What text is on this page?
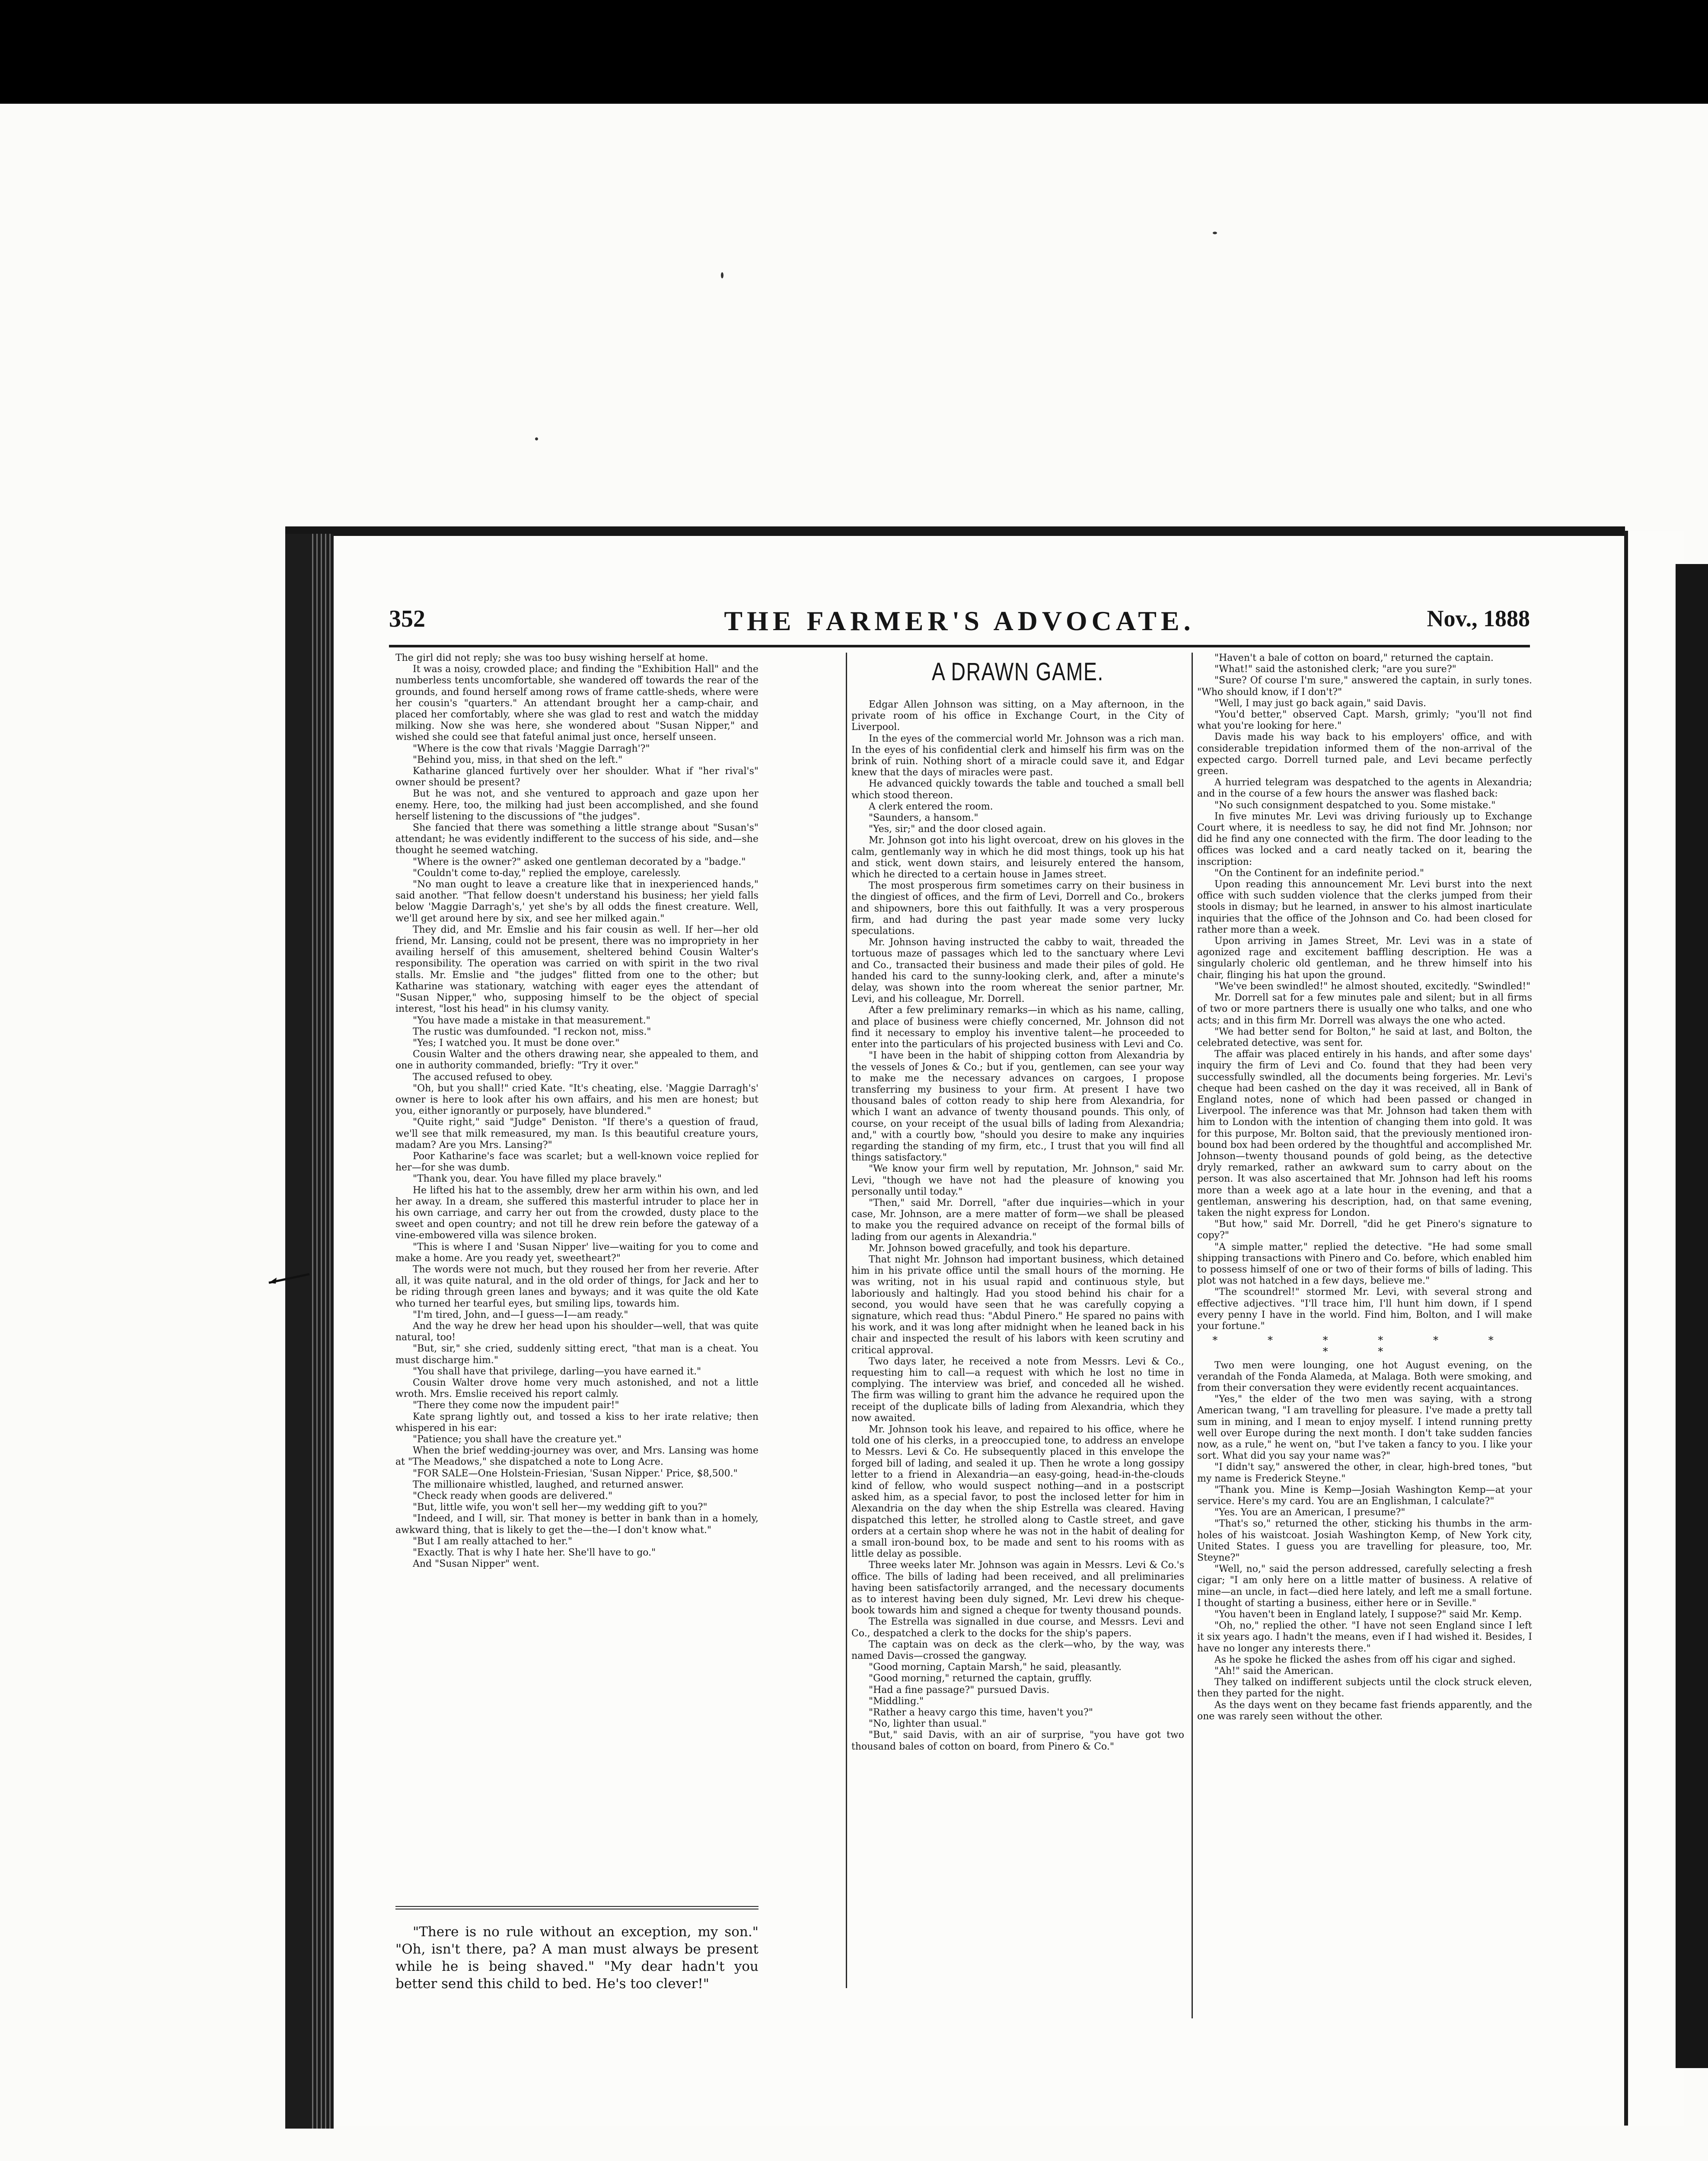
352	THE FARMER'S ADVOCATE.	Nov., 1888

The girl did not reply; she was too busy wishing herself at home.

It was a noisy, crowded place; and finding the "Exhibition Hall" and the numberless tents uncomfortable, she wandered off towards the rear of the grounds, and found herself among rows of frame cattle-sheds, where were her cousin's "quarters." An attendant brought her a camp-chair, and placed her comfortably, where she was glad to rest and watch the midday milking. Now she was here, she wondered about "Susan Nipper," and wished she could see that fateful animal just once, herself unseen.

"Where is the cow that rivals 'Maggie Darragh'?"

"Behind you, miss, in that shed on the left."

Katharine glanced furtively over her shoulder. What if "her rival's" owner should be present?

But he was not, and she ventured to approach and gaze upon her enemy. Here, too, the milking had just been accomplished, and she found herself listening to the discussions of "the judges".

She fancied that there was something a little strange about "Susan's" attendant; he was evidently indifferent to the success of his side, and—she thought he seemed watching.

"Where is the owner?" asked one gentleman decorated by a "badge."

"Couldn't come to-day," replied the employe, carelessly.

"No man ought to leave a creature like that in inexperienced hands," said another. "That fellow doesn't understand his business; her yield falls below 'Maggie Darragh's,' yet she's by all odds the finest creature. Well, we'll get around here by six, and see her milked again."

They did, and Mr. Emslie and his fair cousin as well. If her—her old friend, Mr. Lansing, could not be present, there was no impropriety in her availing herself of this amusement, sheltered behind Cousin Walter's responsibility. The operation was carried on with spirit in the two rival stalls. Mr. Emslie and "the judges" flitted from one to the other; but Katharine was stationary, watching with eager eyes the attendant of "Susan Nipper," who, supposing himself to be the object of special interest, "lost his head" in his clumsy vanity.

"You have made a mistake in that measurement."

The rustic was dumfounded. "I reckon not, miss."

"Yes; I watched you. It must be done over."

Cousin Walter and the others drawing near, she appealed to them, and one in authority commanded, briefly: "Try it over."

The accused refused to obey.

"Oh, but you shall!" cried Kate. "It's cheating, else. 'Maggie Darragh's' owner is here to look after his own affairs, and his men are honest; but you, either ignorantly or purposely, have blundered."

"Quite right," said "Judge" Deniston. "If there's a question of fraud, we'll see that milk remeasured, my man. Is this beautiful creature yours, madam? Are you Mrs. Lansing?"

Poor Katharine's face was scarlet; but a well-known voice replied for her—for she was dumb.

"Thank you, dear. You have filled my place bravely."

He lifted his hat to the assembly, drew her arm within his own, and led her away. In a dream, she suffered this masterful intruder to place her in his own carriage, and carry her out from the crowded, dusty place to the sweet and open country; and not till he drew rein before the gateway of a vine-embowered villa was silence broken.

"This is where I and 'Susan Nipper' live—waiting for you to come and make a home. Are you ready yet, sweetheart?"

The words were not much, but they roused her from her reverie. After all, it was quite natural, and in the old order of things, for Jack and her to be riding through green lanes and byways; and it was quite the old Kate who turned her tearful eyes, but smiling lips, towards him.

"I'm tired, John, and—I guess—I—am ready."

And the way he drew her head upon his shoulder—well, that was quite natural, too!

"But, sir," she cried, suddenly sitting erect, "that man is a cheat. You must discharge him."

"You shall have that privilege, darling—you have earned it."

Cousin Walter drove home very much astonished, and not a little wroth. Mrs. Emslie received his report calmly.

"There they come now the impudent pair!"

Kate sprang lightly out, and tossed a kiss to her irate relative; then whispered in his ear:

"Patience; you shall have the creature yet."

When the brief wedding-journey was over, and Mrs. Lansing was home at "The Meadows," she dispatched a note to Long Acre.

"FOR SALE—One Holstein-Friesian, 'Susan Nipper.' Price, $8,500."

The millionaire whistled, laughed, and returned answer.

"Check ready when goods are delivered."

"But, little wife, you won't sell her—my wedding gift to you?"

"Indeed, and I will, sir. That money is better in bank than in a homely, awkward thing, that is likely to get the—the—I don't know what."

"But I am really attached to her."

"Exactly. That is why I hate her. She'll have to go."

And "Susan Nipper" went.

"There is no rule without an exception, my son." "Oh, isn't there, pa? A man must always be present while he is being shaved." "My dear hadn't you better send this child to bed. He's too clever!"

A DRAWN GAME.

Edgar Allen Johnson was sitting, on a May afternoon, in the private room of his office in Exchange Court, in the City of Liverpool.

In the eyes of the commercial world Mr. Johnson was a rich man. In the eyes of his confidential clerk and himself his firm was on the brink of ruin. Nothing short of a miracle could save it, and Edgar knew that the days of miracles were past.

He advanced quickly towards the table and touched a small bell which stood thereon.

A clerk entered the room.

"Saunders, a hansom."

"Yes, sir;" and the door closed again.

Mr. Johnson got into his light overcoat, drew on his gloves in the calm, gentlemanly way in which he did most things, took up his hat and stick, went down stairs, and leisurely entered the hansom, which he directed to a certain house in James street.

The most prosperous firm sometimes carry on their business in the dingiest of offices, and the firm of Levi, Dorrell and Co., brokers and shipowners, bore this out faithfully. It was a very prosperous firm, and had during the past year made some very lucky speculations.

Mr. Johnson having instructed the cabby to wait, threaded the tortuous maze of passages which led to the sanctuary where Levi and Co., transacted their business and made their piles of gold. He handed his card to the sunny-looking clerk, and, after a minute's delay, was shown into the room whereat the senior partner, Mr. Levi, and his colleague, Mr. Dorrell.

After a few preliminary remarks—in which as his name, calling, and place of business were chiefly concerned, Mr. Johnson did not find it necessary to employ his inventive talent—he proceeded to enter into the particulars of his projected business with Levi and Co.

"I have been in the habit of shipping cotton from Alexandria by the vessels of Jones & Co.; but if you, gentlemen, can see your way to make me the necessary advances on cargoes, I propose transferring my business to your firm. At present I have two thousand bales of cotton ready to ship here from Alexandria, for which I want an advance of twenty thousand pounds. This only, of course, on your receipt of the usual bills of lading from Alexandria; and," with a courtly bow, "should you desire to make any inquiries regarding the standing of my firm, etc., I trust that you will find all things satisfactory."

"We know your firm well by reputation, Mr. Johnson," said Mr. Levi, "though we have not had the pleasure of knowing you personally until today."

"Then," said Mr. Dorrell, "after due inquiries—which in your case, Mr. Johnson, are a mere matter of form—we shall be pleased to make you the required advance on receipt of the formal bills of lading from our agents in Alexandria."

Mr. Johnson bowed gracefully, and took his departure.

That night Mr. Johnson had important business, which detained him in his private office until the small hours of the morning. He was writing, not in his usual rapid and continuous style, but laboriously and haltingly. Had you stood behind his chair for a second, you would have seen that he was carefully copying a signature, which read thus: "Abdul Pinero." He spared no pains with his work, and it was long after midnight when he leaned back in his chair and inspected the result of his labors with keen scrutiny and critical approval.

Two days later, he received a note from Messrs. Levi & Co., requesting him to call—a request with which he lost no time in complying. The interview was brief, and conceded all he wished. The firm was willing to grant him the advance he required upon the receipt of the duplicate bills of lading from Alexandria, which they now awaited.

Mr. Johnson took his leave, and repaired to his office, where he told one of his clerks, in a preoccupied tone, to address an envelope to Messrs. Levi & Co. He subsequently placed in this envelope the forged bill of lading, and sealed it up. Then he wrote a long gossipy letter to a friend in Alexandria—an easy-going, head-in-the-clouds kind of fellow, who would suspect nothing—and in a postscript asked him, as a special favor, to post the inclosed letter for him in Alexandria on the day when the ship Estrella was cleared. Having dispatched this letter, he strolled along to Castle street, and gave orders at a certain shop where he was not in the habit of dealing for a small iron-bound box, to be made and sent to his rooms with as little delay as possible.

Three weeks later Mr. Johnson was again in Messrs. Levi & Co.'s office. The bills of lading had been received, and all preliminaries having been satisfactorily arranged, and the necessary documents as to interest having been duly signed, Mr. Levi drew his cheque-book towards him and signed a cheque for twenty thousand pounds.

The Estrella was signalled in due course, and Messrs. Levi and Co., despatched a clerk to the docks for the ship's papers.

The captain was on deck as the clerk—who, by the way, was named Davis—crossed the gangway.

"Good morning, Captain Marsh," he said, pleasantly.

"Good morning," returned the captain, gruffly.

"Had a fine passage?" pursued Davis.

"Middling."

"Rather a heavy cargo this time, haven't you?"

"No, lighter than usual."

"But," said Davis, with an air of surprise, "you have got two thousand bales of cotton on board, from Pinero & Co."

"Haven't a bale of cotton on board," returned the captain.

"What!" said the astonished clerk; "are you sure?"

"Sure? Of course I'm sure," answered the captain, in surly tones. "Who should know, if I don't?"

"Well, I may just go back again," said Davis.

"You'd better," observed Capt. Marsh, grimly; "you'll not find what you're looking for here."

Davis made his way back to his employers' office, and with considerable trepidation informed them of the non-arrival of the expected cargo. Dorrell turned pale, and Levi became perfectly green.

A hurried telegram was despatched to the agents in Alexandria; and in the course of a few hours the answer was flashed back:

"No such consignment despatched to you. Some mistake."

In five minutes Mr. Levi was driving furiously up to Exchange Court where, it is needless to say, he did not find Mr. Johnson; nor did he find any one connected with the firm. The door leading to the offices was locked and a card neatly tacked on it, bearing the inscription:

"On the Continent for an indefinite period."

Upon reading this announcement Mr. Levi burst into the next office with such sudden violence that the clerks jumped from their stools in dismay; but he learned, in answer to his almost inarticulate inquiries that the office of the Johnson and Co. had been closed for rather more than a week.

Upon arriving in James Street, Mr. Levi was in a state of agonized rage and excitement baffling description. He was a singularly choleric old gentleman, and he threw himself into his chair, flinging his hat upon the ground.

"We've been swindled!" he almost shouted, excitedly. "Swindled!"

Mr. Dorrell sat for a few minutes pale and silent; but in all firms of two or more partners there is usually one who talks, and one who acts; and in this firm Mr. Dorrell was always the one who acted.

"We had better send for Bolton," he said at last, and Bolton, the celebrated detective, was sent for.

The affair was placed entirely in his hands, and after some days' inquiry the firm of Levi and Co. found that they had been very successfully swindled, all the documents being forgeries. Mr. Levi's cheque had been cashed on the day it was received, all in Bank of England notes, none of which had been passed or changed in Liverpool. The inference was that Mr. Johnson had taken them with him to London with the intention of changing them into gold. It was for this purpose, Mr. Bolton said, that the previously mentioned iron-bound box had been ordered by the thoughtful and accomplished Mr. Johnson—twenty thousand pounds of gold being, as the detective dryly remarked, rather an awkward sum to carry about on the person. It was also ascertained that Mr. Johnson had left his rooms more than a week ago at a late hour in the evening, and that a gentleman, answering his description, had, on that same evening, taken the night express for London.

"But how," said Mr. Dorrell, "did he get Pinero's signature to copy?"

"A simple matter," replied the detective. "He had some small shipping transactions with Pinero and Co. before, which enabled him to possess himself of one or two of their forms of bills of lading. This plot was not hatched in a few days, believe me."

"The scoundrel!" stormed Mr. Levi, with several strong and effective adjectives. "I'll trace him, I'll hunt him down, if I spend every penny I have in the world. Find him, Bolton, and I will make your fortune."

* * * * * * * *

Two men were lounging, one hot August evening, on the verandah of the Fonda Alameda, at Malaga. Both were smoking, and from their conversation they were evidently recent acquaintances.

"Yes," the elder of the two men was saying, with a strong American twang, "I am travelling for pleasure. I've made a pretty tall sum in mining, and I mean to enjoy myself. I intend running pretty well over Europe during the next month. I don't take sudden fancies now, as a rule," he went on, "but I've taken a fancy to you. I like your sort. What did you say your name was?"

"I didn't say," answered the other, in clear, high-bred tones, "but my name is Frederick Steyne."

"Thank you. Mine is Kemp—Josiah Washington Kemp—at your service. Here's my card. You are an Englishman, I calculate?"

"Yes. You are an American, I presume?"

"That's so," returned the other, sticking his thumbs in the arm-holes of his waistcoat. Josiah Washington Kemp, of New York city, United States. I guess you are travelling for pleasure, too, Mr. Steyne?"

"Well, no," said the person addressed, carefully selecting a fresh cigar; "I am only here on a little matter of business. A relative of mine—an uncle, in fact—died here lately, and left me a small fortune. I thought of starting a business, either here or in Seville."

"You haven't been in England lately, I suppose?" said Mr. Kemp.

"Oh, no," replied the other. "I have not seen England since I left it six years ago. I hadn't the means, even if I had wished it. Besides, I have no longer any interests there."

As he spoke he flicked the ashes from off his cigar and sighed.

"Ah!" said the American.

They talked on indifferent subjects until the clock struck eleven, then they parted for the night.

As the days went on they became fast friends apparently, and the one was rarely seen without the other.
